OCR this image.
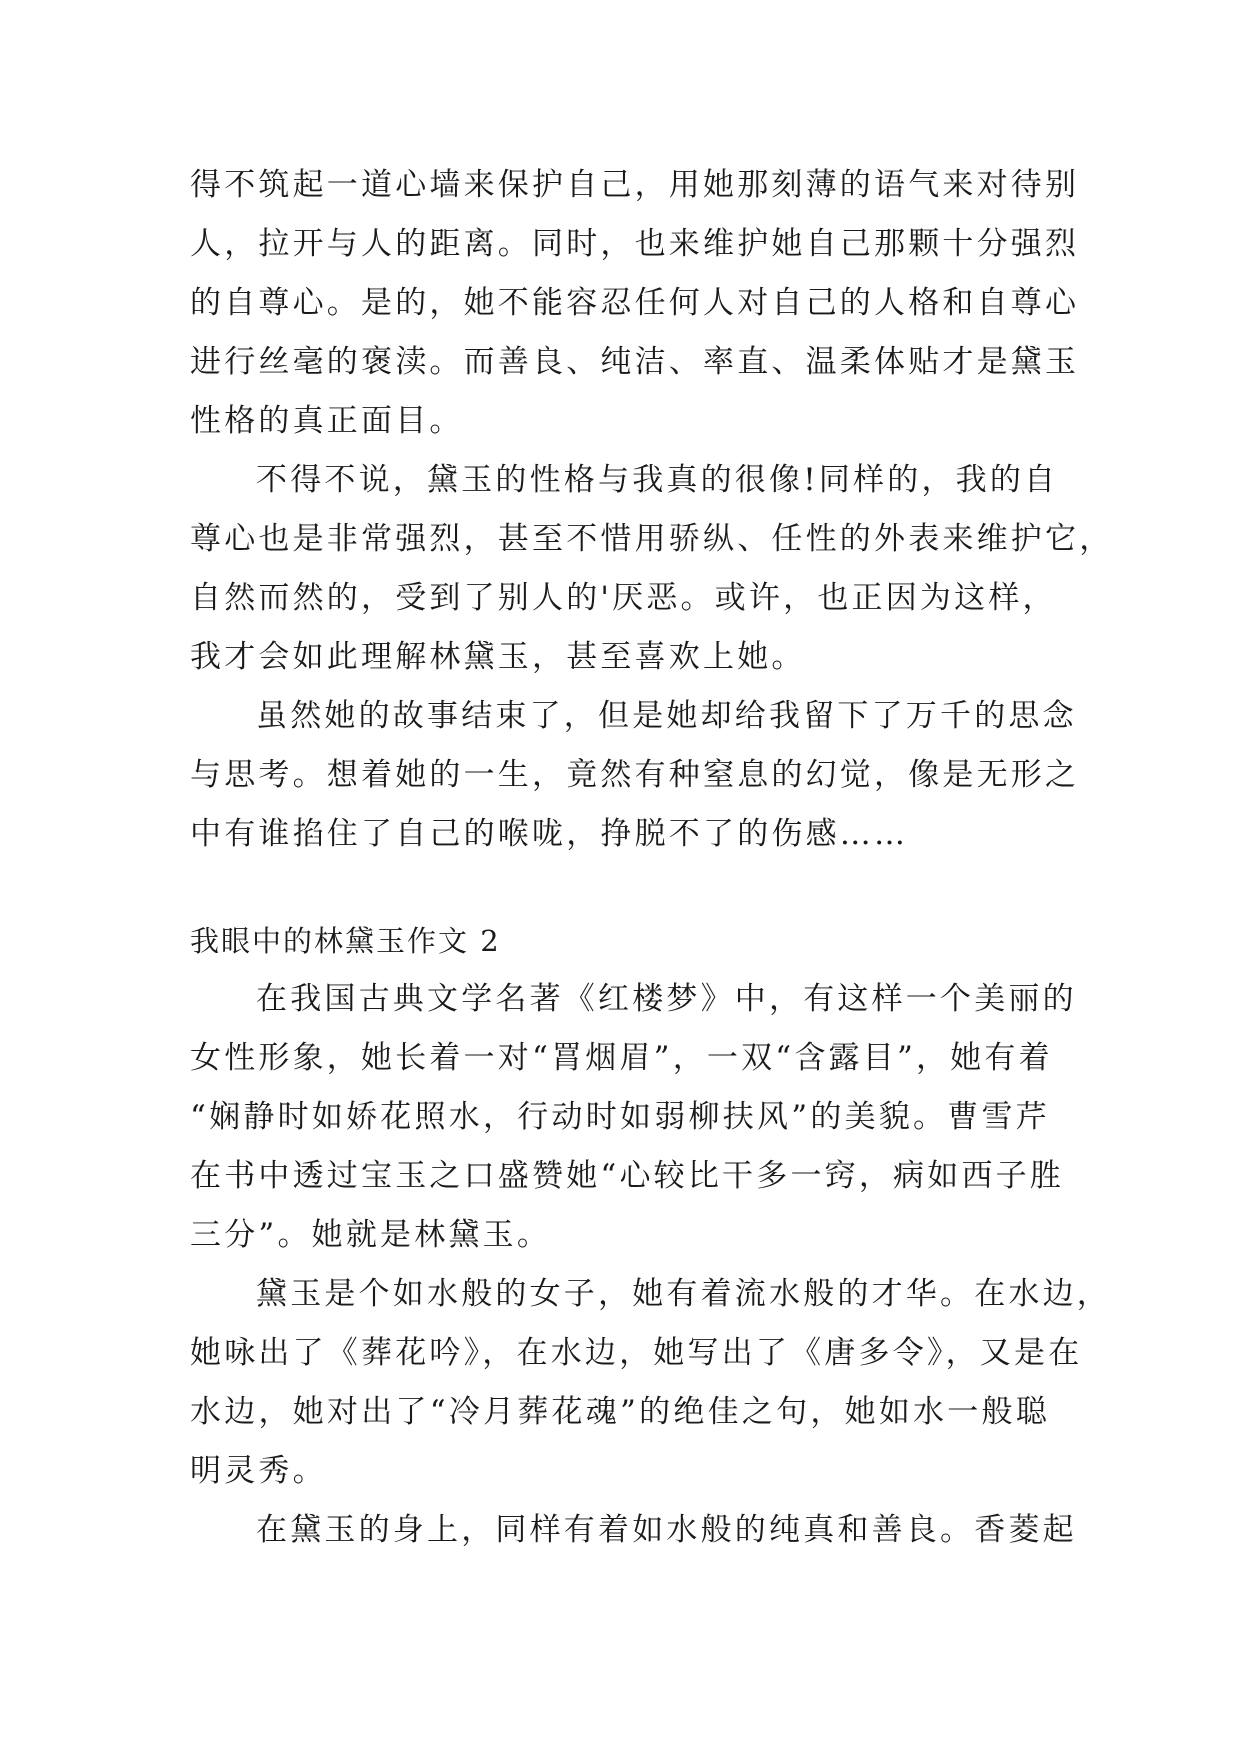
得不筑起一道心墙来保护自己，用她那刻薄的语气来对待别
人，拉开与人的距离。同时，也来维护她自己那颗十分强烈
的自尊心。是的，她不能容忍任何人对自己的人格和自尊心
进行丝毫的褒渎。而善良、纯洁、率直、温柔体贴才是黛玉
性格的真正面目。
不得不说，黛玉的性格与我真的很像!同样的，我的自
尊心也是非常强烈，甚至不惜用骄纵、任性的外表来维护它，
自然而然的，受到了别人的'厌恶。或许，也正因为这样，
我才会如此理解林黛玉，甚至喜欢上她。
虽然她的故事结束了，但是她却给我留下了万千的思念
与思考。想着她的一生，竟然有种窒息的幻觉，像是无形之
中有谁掐住了自己的喉咙，挣脱不了的伤感……
我眼中的林黛玉作文 2
在我国古典文学名著《红楼梦》中，有这样一个美丽的
女性形象，她长着一对“罥烟眉”，一双“含露目”，她有着
“娴静时如娇花照水，行动时如弱柳扶风”的美貌。曹雪芹
在书中透过宝玉之口盛赞她“心较比干多一窍，病如西子胜
三分”。她就是林黛玉。
黛玉是个如水般的女子，她有着流水般的才华。在水边，
她咏出了《葬花吟》，在水边，她写出了《唐多令》，又是在
水边，她对出了“冷月葬花魂”的绝佳之句，她如水一般聪
明灵秀。
在黛玉的身上，同样有着如水般的纯真和善良。香菱起
